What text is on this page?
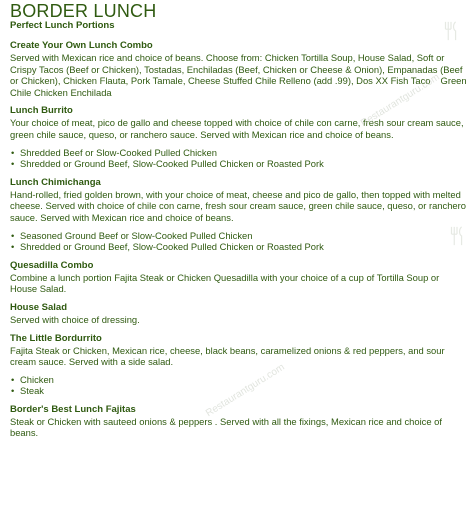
BORDER LUNCH
Perfect Lunch Portions
Create Your Own Lunch Combo

Served with Mexican rice and choice of beans. Choose from: Chicken Tortilla Soup, House Salad, Soft or Crispy Tacos (Beef or Chicken), Tostadas, Enchiladas (Beef, Chicken or Cheese & Onion), Empanadas (Beef or Chicken), Chicken Flauta, Pork Tamale, Cheese Stuffed Chile Relleno (add .99), Dos XX Fish Taco Green Chile Chicken Enchilada

Lunch Burrito

Your choice of meat, pico de gallo and cheese topped with choice of chile con carne, fresh sour cream sauce, green chile sauce, queso, or ranchero sauce. Served with Mexican rice and choice of beans.

• Shredded Beef or Slow-Cooked Pulled Chicken
• Shredded or Ground Beef, Slow-Cooked Pulled Chicken or Roasted Pork
Lunch Chimichanga

Hand-rolled, fried golden brown, with your choice of meat, cheese and pico de gallo, then topped with melted cheese. Served with choice of chile con carne, fresh sour cream sauce, green chile sauce, queso, or ranchero sauce. Served with Mexican rice and choice of beans.

• Seasoned Ground Beef or Slow-Cooked Pulled Chicken
• Shredded or Ground Beef, Slow-Cooked Pulled Chicken or Roasted Pork
Quesadilla Combo

Combine a lunch portion Fajita Steak or Chicken Quesadilla with your choice of a cup of Tortilla Soup or House Salad.

House Salad

Served with choice of dressing.

The Little Bordurrito

Fajita Steak or Chicken, Mexican rice, cheese, black beans, caramelized onions & red peppers, and sour cream sauce. Served with a side salad.

• Chicken
• Steak
Border's Best Lunch Fajitas

Steak or Chicken with sauteed onions & peppers . Served with all the fixings, Mexican rice and choice of beans.

Restaurantguru.com
Restaurantguru.com
